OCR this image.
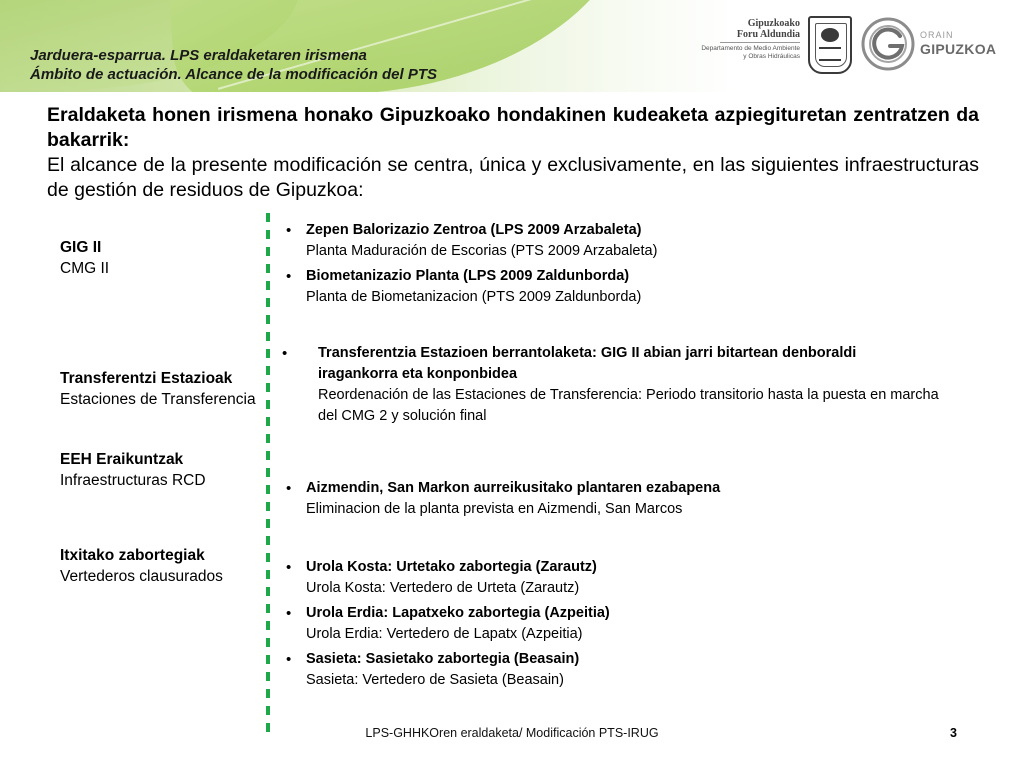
Jarduera-esparrua. LPS eraldaketaren irismena
Ámbito de actuación. Alcance de la modificación del PTS
Gipuzkoako
Foru Aldundia
Departamento de Medio Ambiente
y Obras Hidráulicas
ORAIN
GIPUZKOA

Eraldaketa honen irismena honako Gipuzkoako hondakinen kudeaketa azpiegituretan zentratzen da bakarrik:

El alcance de la presente modificación se centra, única y exclusivamente, en las siguientes infraestructuras de gestión de residuos de Gipuzkoa:

GIG II
CMG II
Transferentzi Estazioak
Estaciones de Transferencia
EEH Eraikuntzak
Infraestructuras RCD
Itxitako zabortegiak
Vertederos clausurados
• Zepen Balorizazio Zentroa (LPS 2009 Arzabaleta)
Planta Maduración de Escorias (PTS 2009 Arzabaleta)
• Biometanizazio Planta (LPS 2009 Zaldunborda)
Planta de Biometanizacion (PTS 2009 Zaldunborda)
• Transferentzia Estazioen berrantolaketa: GIG II abian jarri bitartean denboraldi iragankorra eta konponbidea
Reordenación de las Estaciones de Transferencia: Periodo transitorio hasta la puesta en marcha del CMG 2 y solución final
• Aizmendin, San Markon aurreikusitako plantaren ezabapena
Eliminacion de la planta prevista en Aizmendi, San Marcos
• Urola Kosta: Urtetako zabortegia (Zarautz)
Urola Kosta: Vertedero de Urteta (Zarautz)
• Urola Erdia: Lapatxeko zabortegia (Azpeitia)
Urola Erdia: Vertedero de Lapatx (Azpeitia)
• Sasieta: Sasietako zabortegia (Beasain)
Sasieta: Vertedero de Sasieta (Beasain)
LPS-GHHKOren eraldaketa/ Modificación PTS-IRUG	3
